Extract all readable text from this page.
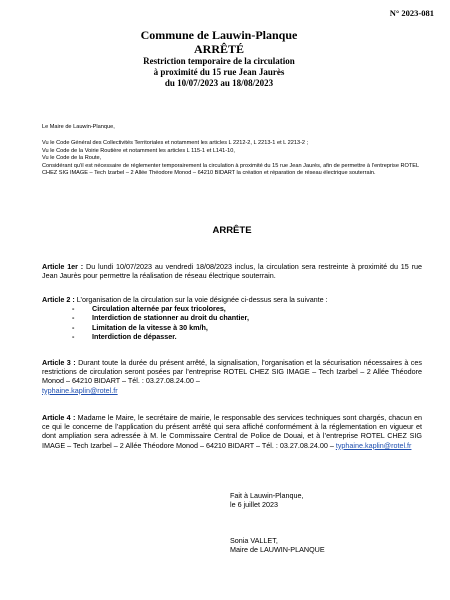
N° 2023-081
Commune de Lauwin-Planque
ARRÊTÉ
Restriction temporaire de la circulation
à proximité du 15 rue Jean Jaurès
du 10/07/2023 au 18/08/2023
Le Maire de Lauwin-Planque,

Vu le Code Général des Collectivités Territoriales et notamment les articles L 2212-2, L 2213-1 et L 2213-2 ;

Vu le Code de la Voirie Routière et notamment les articles L 115-1 et L141-10,

Vu le Code de la Route,

Considérant qu’il est nécessaire de réglementer temporairement la circulation à proximité du 15 rue Jean Jaurès, afin de permettre à l’entreprise ROTEL CHEZ SIG IMAGE – Tech Izarbel – 2 Allée Théodore Monod – 64210 BIDART la création et réparation de réseau électrique souterrain.

ARRÊTE

Article 1er : Du lundi 10/07/2023 au vendredi 18/08/2023 inclus, la circulation sera restreinte à proximité du 15 rue Jean Jaurès pour permettre la réalisation de réseau électrique souterrain.

Article 2 : L’organisation de la circulation sur la voie désignée ci-dessus sera la suivante :

- Circulation alternée par feux tricolores,
- Interdiction de stationner au droit du chantier,
- Limitation de la vitesse à 30 km/h,
- Interdiction de dépasser.

Article 3 : Durant toute la durée du présent arrêté, la signalisation, l’organisation et la sécurisation nécessaires à ces restrictions de circulation seront posées par l’entreprise ROTEL CHEZ SIG IMAGE – Tech Izarbel – 2 Allée Théodore Monod – 64210 BIDART – Tél. : 03.27.08.24.00 –

typhaine.kaplin@rotel.fr

Article 4 : Madame le Maire, le secrétaire de mairie, le responsable des services techniques sont chargés, chacun en ce qui le concerne de l’application du présent arrêté qui sera affiché conformément à la réglementation en vigueur et dont ampliation sera adressée à M. le Commissaire Central de Police de Douai, et à l’entreprise ROTEL CHEZ SIG IMAGE – Tech Izarbel – 2 Allée Théodore Monod – 64210 BIDART – Tél. : 03.27.08.24.00 – typhaine.kaplin@rotel.fr

Fait à Lauwin-Planque,

le 6 juillet 2023

Sonia VALLET,

Maire de LAUWIN-PLANQUE
